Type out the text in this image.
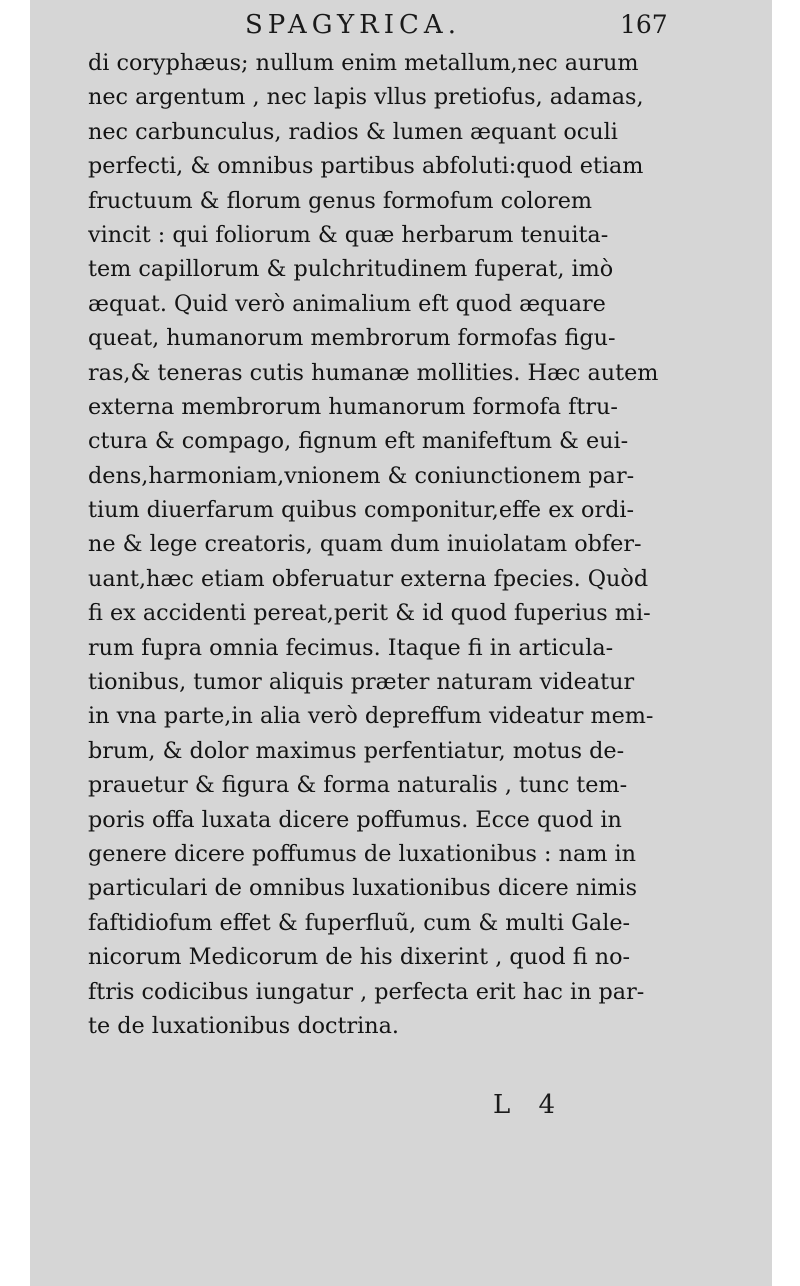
SPAGYRICA.	167
di coryphæus; nullum enim metallum,nec aurum
nec argentum , nec lapis vllus pretiofus, adamas,
nec carbunculus, radios & lumen æquant oculi
perfecti, & omnibus partibus abfoluti:quod etiam
fructuum & florum genus formofum colorem
vincit : qui foliorum & quæ herbarum tenuita-
tem capillorum & pulchritudinem fuperat, imò
æquat. Quid verò animalium eft quod æquare
queat, humanorum membrorum formofas figu-
ras,& teneras cutis humanæ mollities. Hæc autem
externa membrorum humanorum formofa ftru-
ctura & compago, fignum eft manifeftum & eui-
dens,harmoniam,vnionem & coniunctionem par-
tium diuerfarum quibus componitur,effe ex ordi-
ne & lege creatoris, quam dum inuiolatam obfer-
uant,hæc etiam obferuatur externa fpecies. Quòd
fi ex accidenti pereat,perit & id quod fuperius mi-
rum fupra omnia fecimus. Itaque fi in articula-
tionibus, tumor aliquis præter naturam videatur
in vna parte,in alia verò depreffum videatur mem-
brum, & dolor maximus perfentiatur, motus de-
prauetur & figura & forma naturalis , tunc tem-
poris offa luxata dicere poffumus. Ecce quod in
genere dicere poffumus de luxationibus : nam in
particulari de omnibus luxationibus dicere nimis
faftidiofum effet & fuperfluũ, cum & multi Gale-
nicorum Medicorum de his dixerint , quod fi no-
ftris codicibus iungatur , perfecta erit hac in par-
te de luxationibus doctrina.
L 4
